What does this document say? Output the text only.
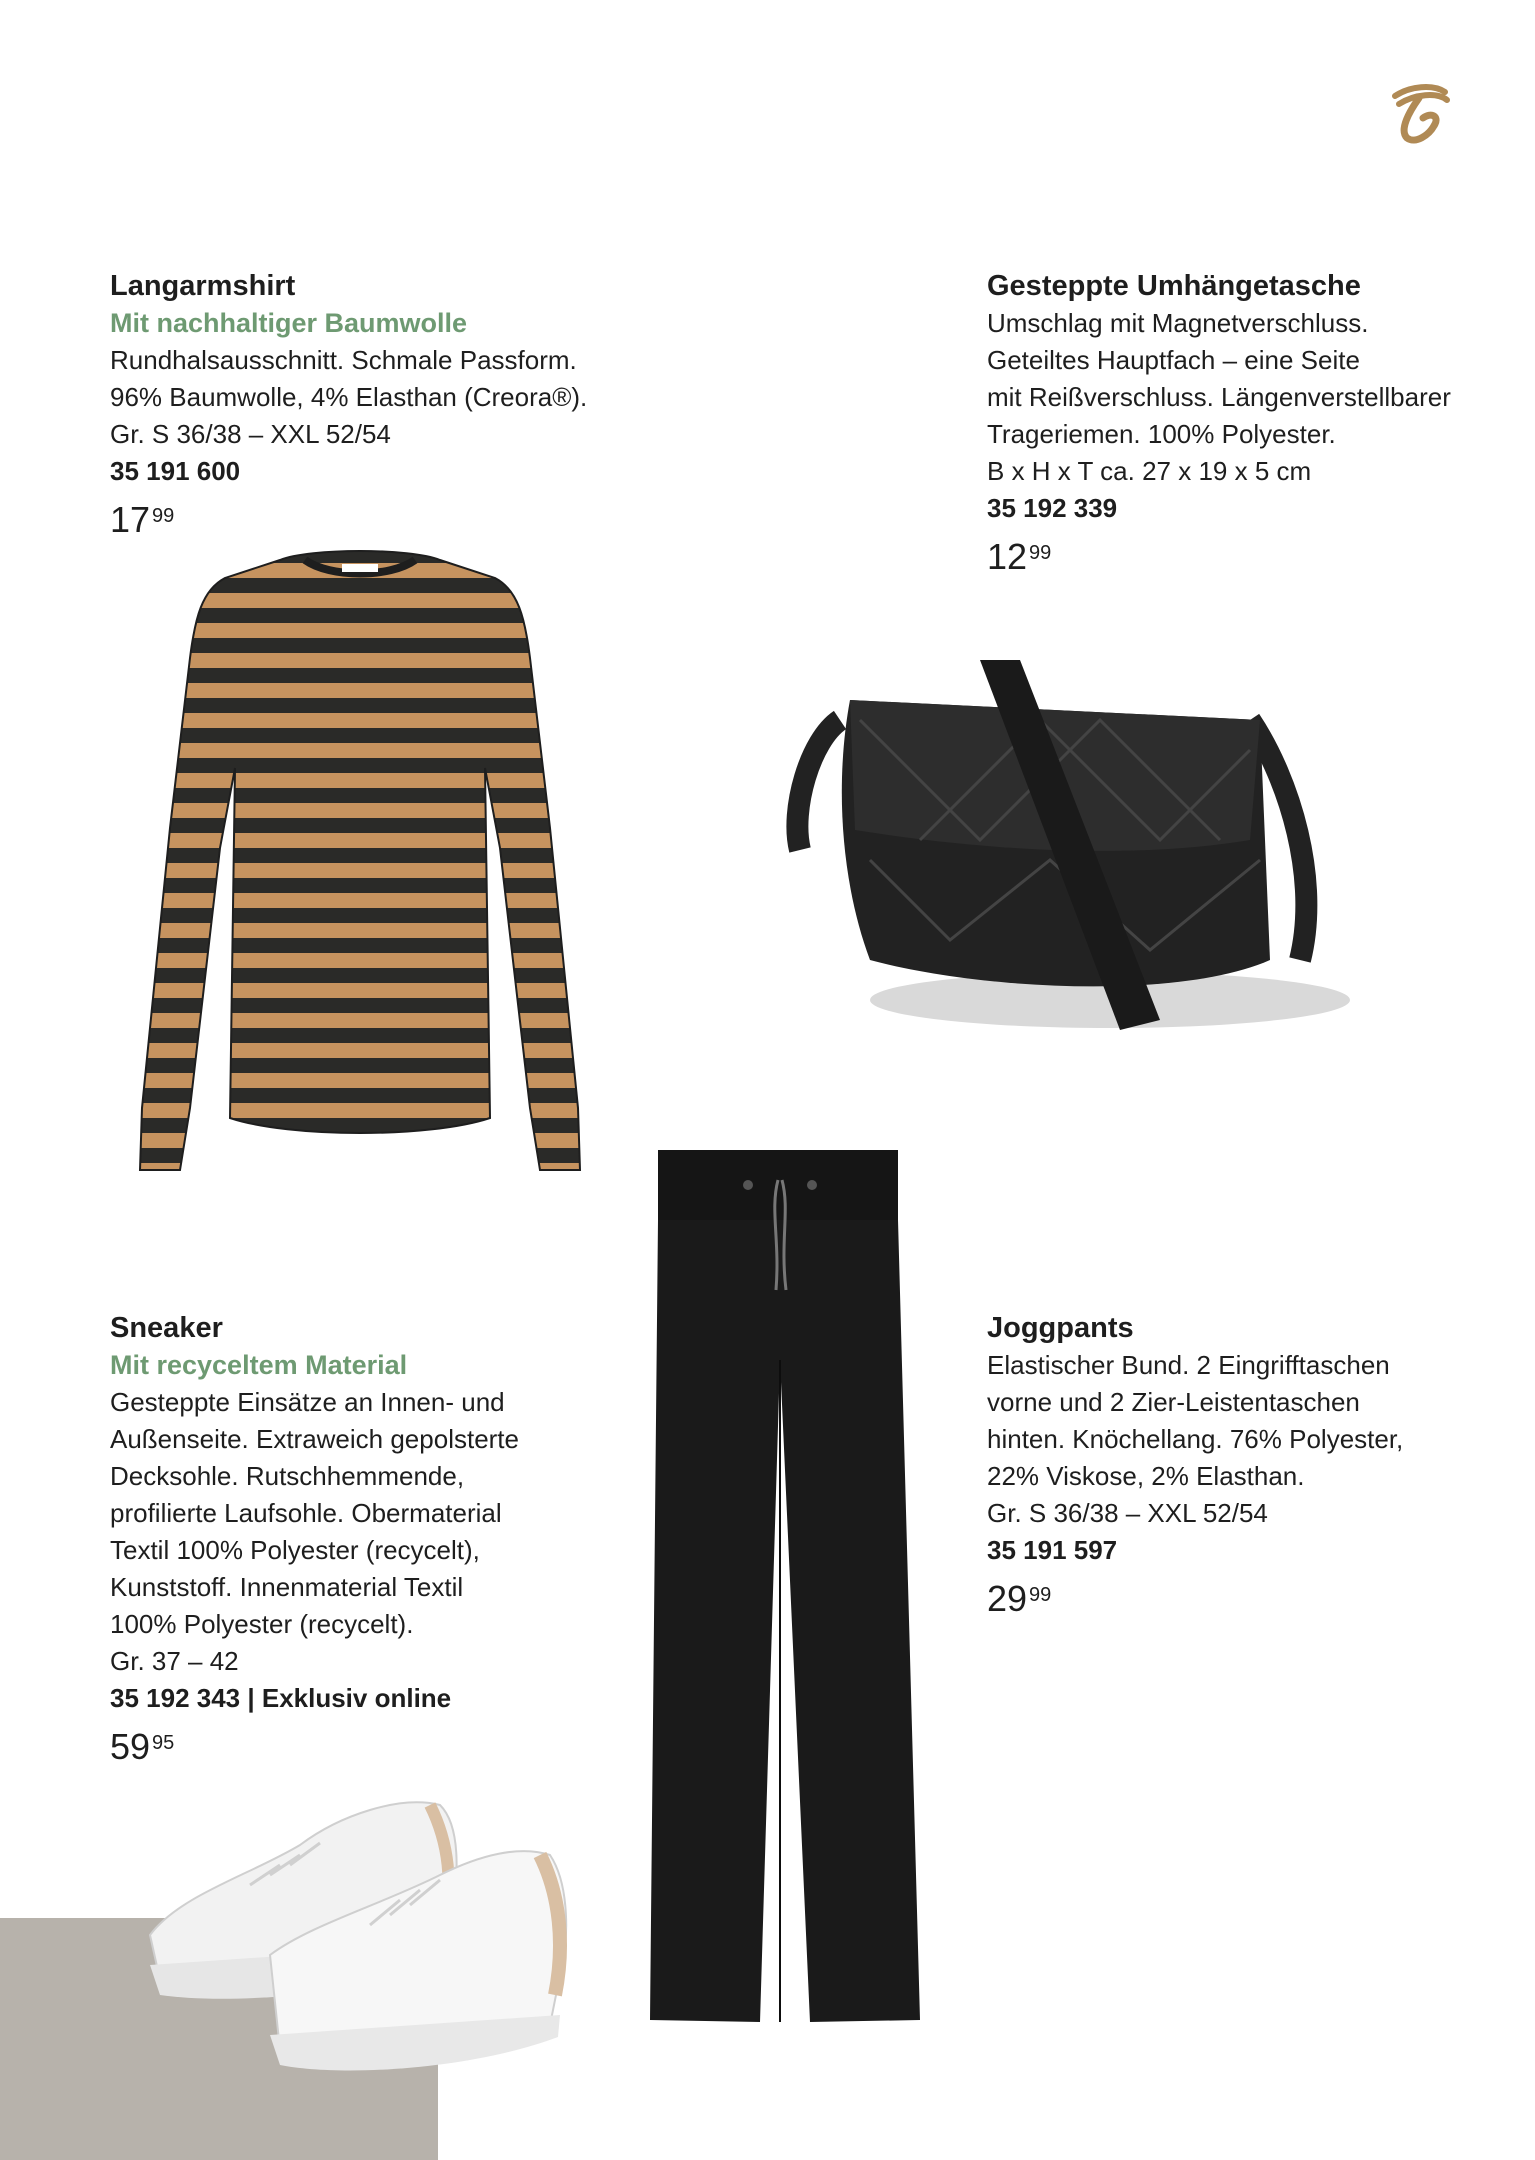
Langarmshirt
Mit nachhaltiger Baumwolle
Rundhalsausschnitt. Schmale Passform.
96% Baumwolle, 4% Elasthan (Creora®).
Gr. S 36/38 – XXL 52/54
35 191 600
17 $^{99}$
Gesteppte Umhängetasche
Umschlag mit Magnetverschluss.
Geteiltes Hauptfach – eine Seite
mit Reißverschluss. Längenverstellbarer
Trageriemen. 100% Polyester.
B x H x T ca. 27 x 19 x 5 cm
35 192 339
12 $^{99}$
Sneaker
Mit recyceltem Material
Gesteppte Einsätze an Innen- und
Außenseite. Extraweich gepolsterte
Decksohle. Rutschhemmende,
profilierte Laufsohle. Obermaterial
Textil 100% Polyester (recycelt),
Kunststoff. Innenmaterial Textil
100% Polyester (recycelt).
Gr. 37 – 42
35 192 343 | Exklusiv online
59 $^{95}$
Joggpants
Elastischer Bund. 2 Eingrifftaschen
vorne und 2 Zier-Leistentaschen
hinten. Knöchellang. 76% Polyester,
22% Viskose, 2% Elasthan.
Gr. S 36/38 – XXL 52/54
35 191 597
29 $^{99}$
